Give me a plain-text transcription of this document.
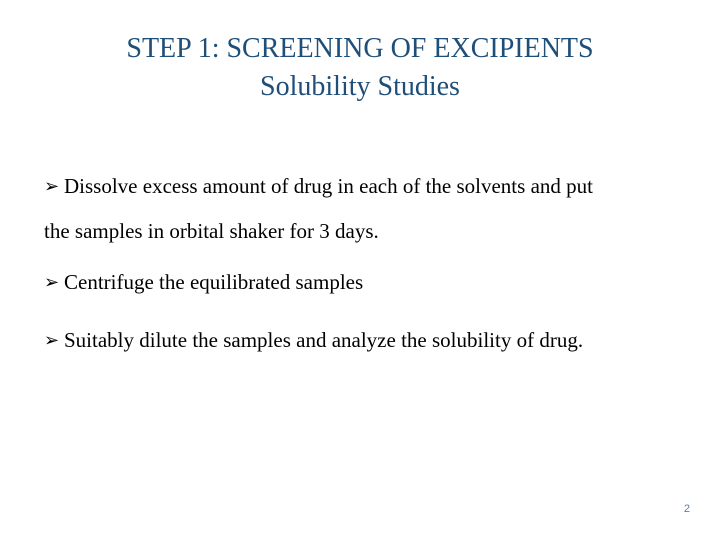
STEP 1: SCREENING OF EXCIPIENTS
Solubility Studies
➢ Dissolve excess amount of drug in each of the solvents and put
the samples in orbital shaker for 3 days.
➢ Centrifuge the equilibrated samples
➢ Suitably dilute the samples and analyze the solubility of drug.
2
